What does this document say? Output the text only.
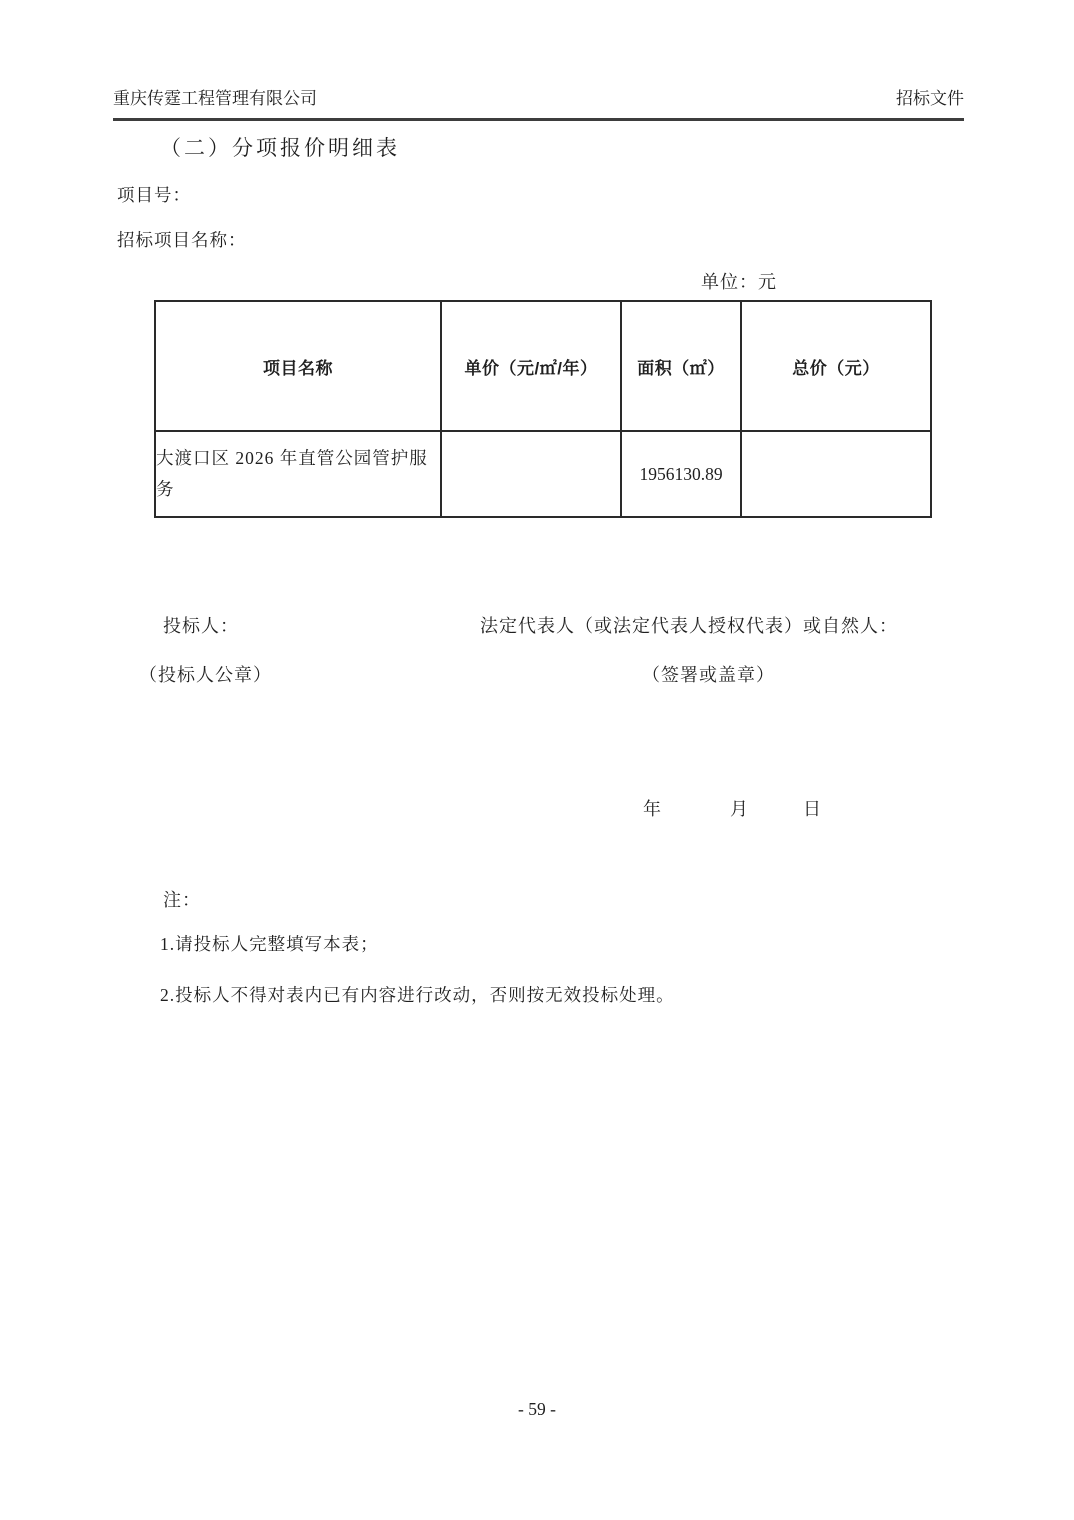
重庆传霆工程管理有限公司	招标文件
（二）分项报价明细表
项目号：
招标项目名称：
单位：元
项目名称	单价（元/㎡/年）	面积（㎡）	总价（元）
大渡口区 2026 年直管公园管护服务		1956130.89	
投标人：	法定代表人（或法定代表人授权代表）或自然人：
（投标人公章）	（签署或盖章）
年	月	日
注：
1.请投标人完整填写本表；
2.投标人不得对表内已有内容进行改动，否则按无效投标处理。
- 59 -
